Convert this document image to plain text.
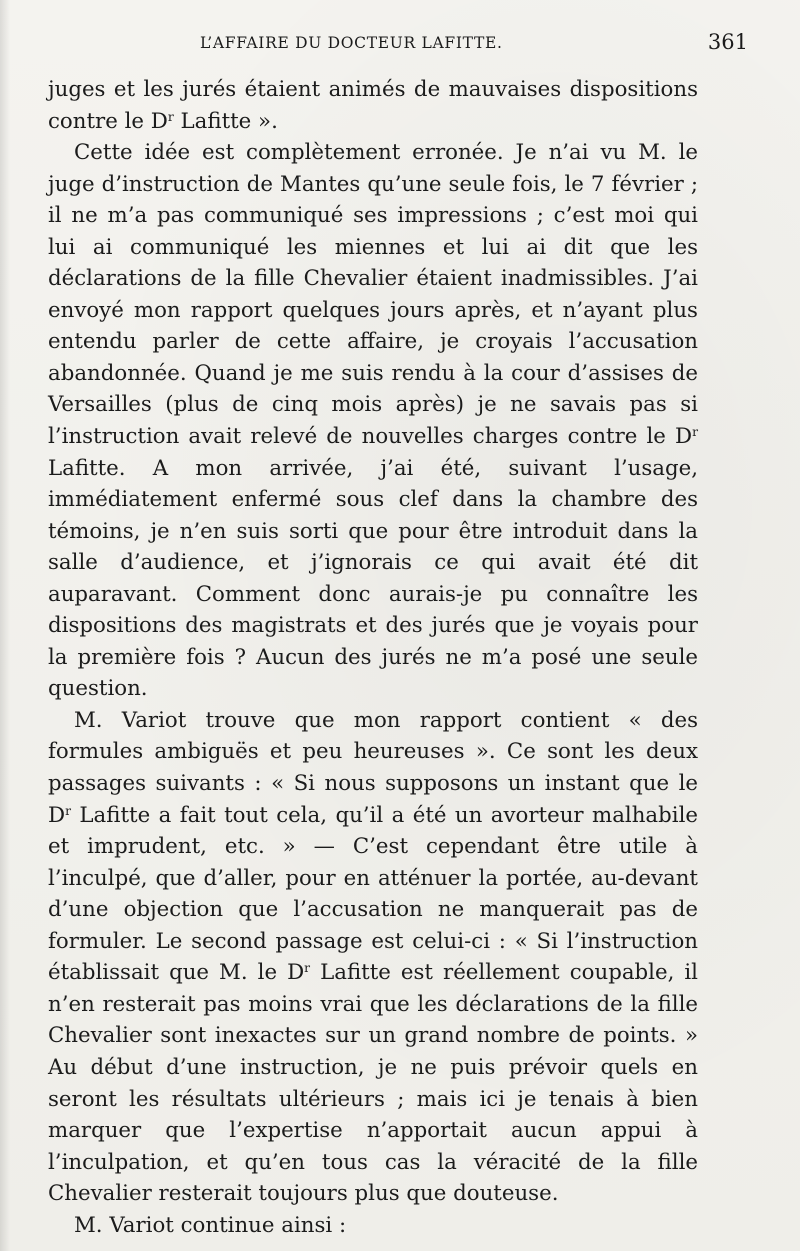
L’AFFAIRE DU DOCTEUR LAFITTE.	361

juges et les jurés étaient animés de mauvaises dispositions contre le $D^r$ Lafitte ».

Cette idée est complètement erronée. Je n’ai vu M. le juge d’instruction de Mantes qu’une seule fois, le 7 février ; il ne m’a pas communiqué ses impressions ; c’est moi qui lui ai communiqué les miennes et lui ai dit que les déclarations de la fille Chevalier étaient inadmissibles. J’ai envoyé mon rapport quelques jours après, et n’ayant plus entendu parler de cette affaire, je croyais l’accusation abandonnée. Quand je me suis rendu à la cour d’assises de Versailles (plus de cinq mois après) je ne savais pas si l’instruction avait relevé de nouvelles charges contre le $D^r$ Lafitte. A mon arrivée, j’ai été, suivant l’usage, immédiatement enfermé sous clef dans la chambre des témoins, je n’en suis sorti que pour être introduit dans la salle d’audience, et j’ignorais ce qui avait été dit auparavant. Comment donc aurais-je pu connaître les dispositions des magistrats et des jurés que je voyais pour la première fois ? Aucun des jurés ne m’a posé une seule question.

M. Variot trouve que mon rapport contient « des formules ambiguës et peu heureuses ». Ce sont les deux passages suivants : « Si nous supposons un instant que le $D^r$ Lafitte a fait tout cela, qu’il a été un avorteur malhabile et imprudent, etc. » — C’est cependant être utile à l’inculpé, que d’aller, pour en atténuer la portée, au-devant d’une objection que l’accusation ne manquerait pas de formuler. Le second passage est celui-ci : « Si l’instruction établissait que M. le $D^r$ Lafitte est réellement coupable, il n’en resterait pas moins vrai que les déclarations de la fille Chevalier sont inexactes sur un grand nombre de points. » Au début d’une instruction, je ne puis prévoir quels en seront les résultats ultérieurs ; mais ici je tenais à bien marquer que l’expertise n’apportait aucun appui à l’inculpation, et qu’en tous cas la véracité de la fille Chevalier resterait toujours plus que douteuse.

M. Variot continue ainsi :
